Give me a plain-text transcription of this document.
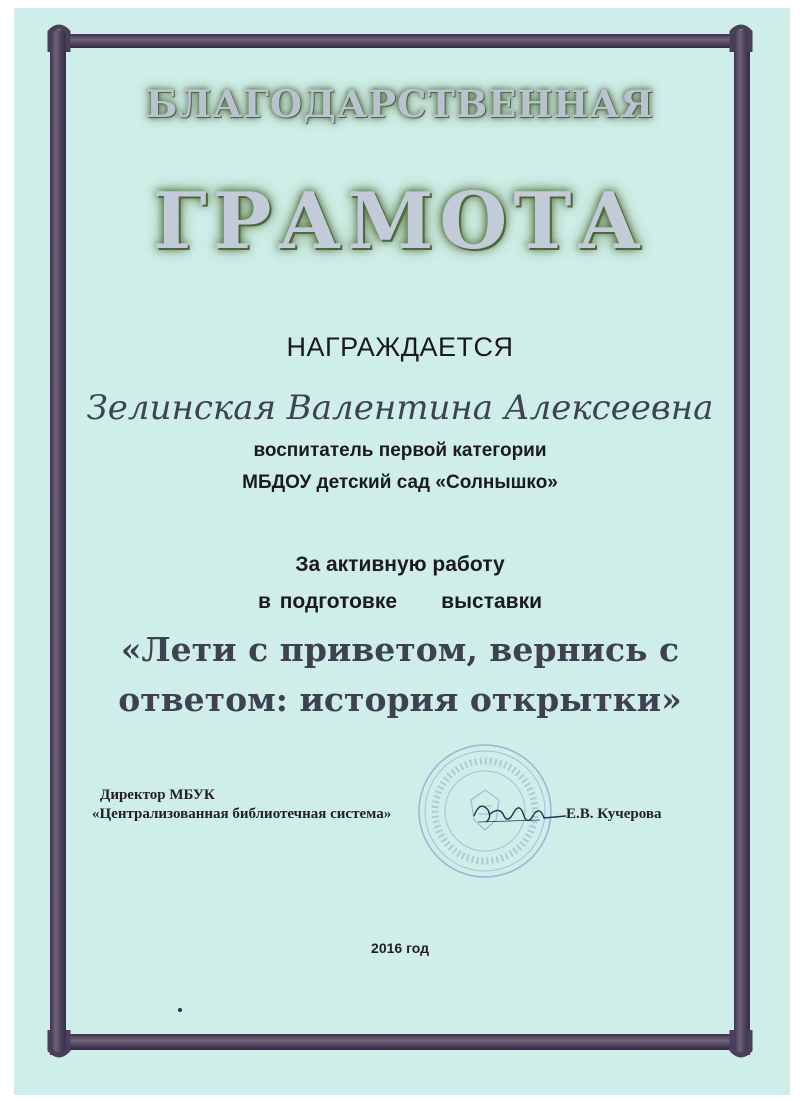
БЛАГОДАРСТВЕННАЯ
ГРАМОТА
НАГРАЖДАЕТСЯ
Зелинская Валентина Алексеевна
воспитатель первой категории
МБДОУ детский сад «Солнышко»
За активную работу
в подготовке     выставки
«Лети с приветом, вернись с
ответом: история открытки»
Директор МБУК
«Централизованная библиотечная система»	Е.В. Кучерова
2016 год
